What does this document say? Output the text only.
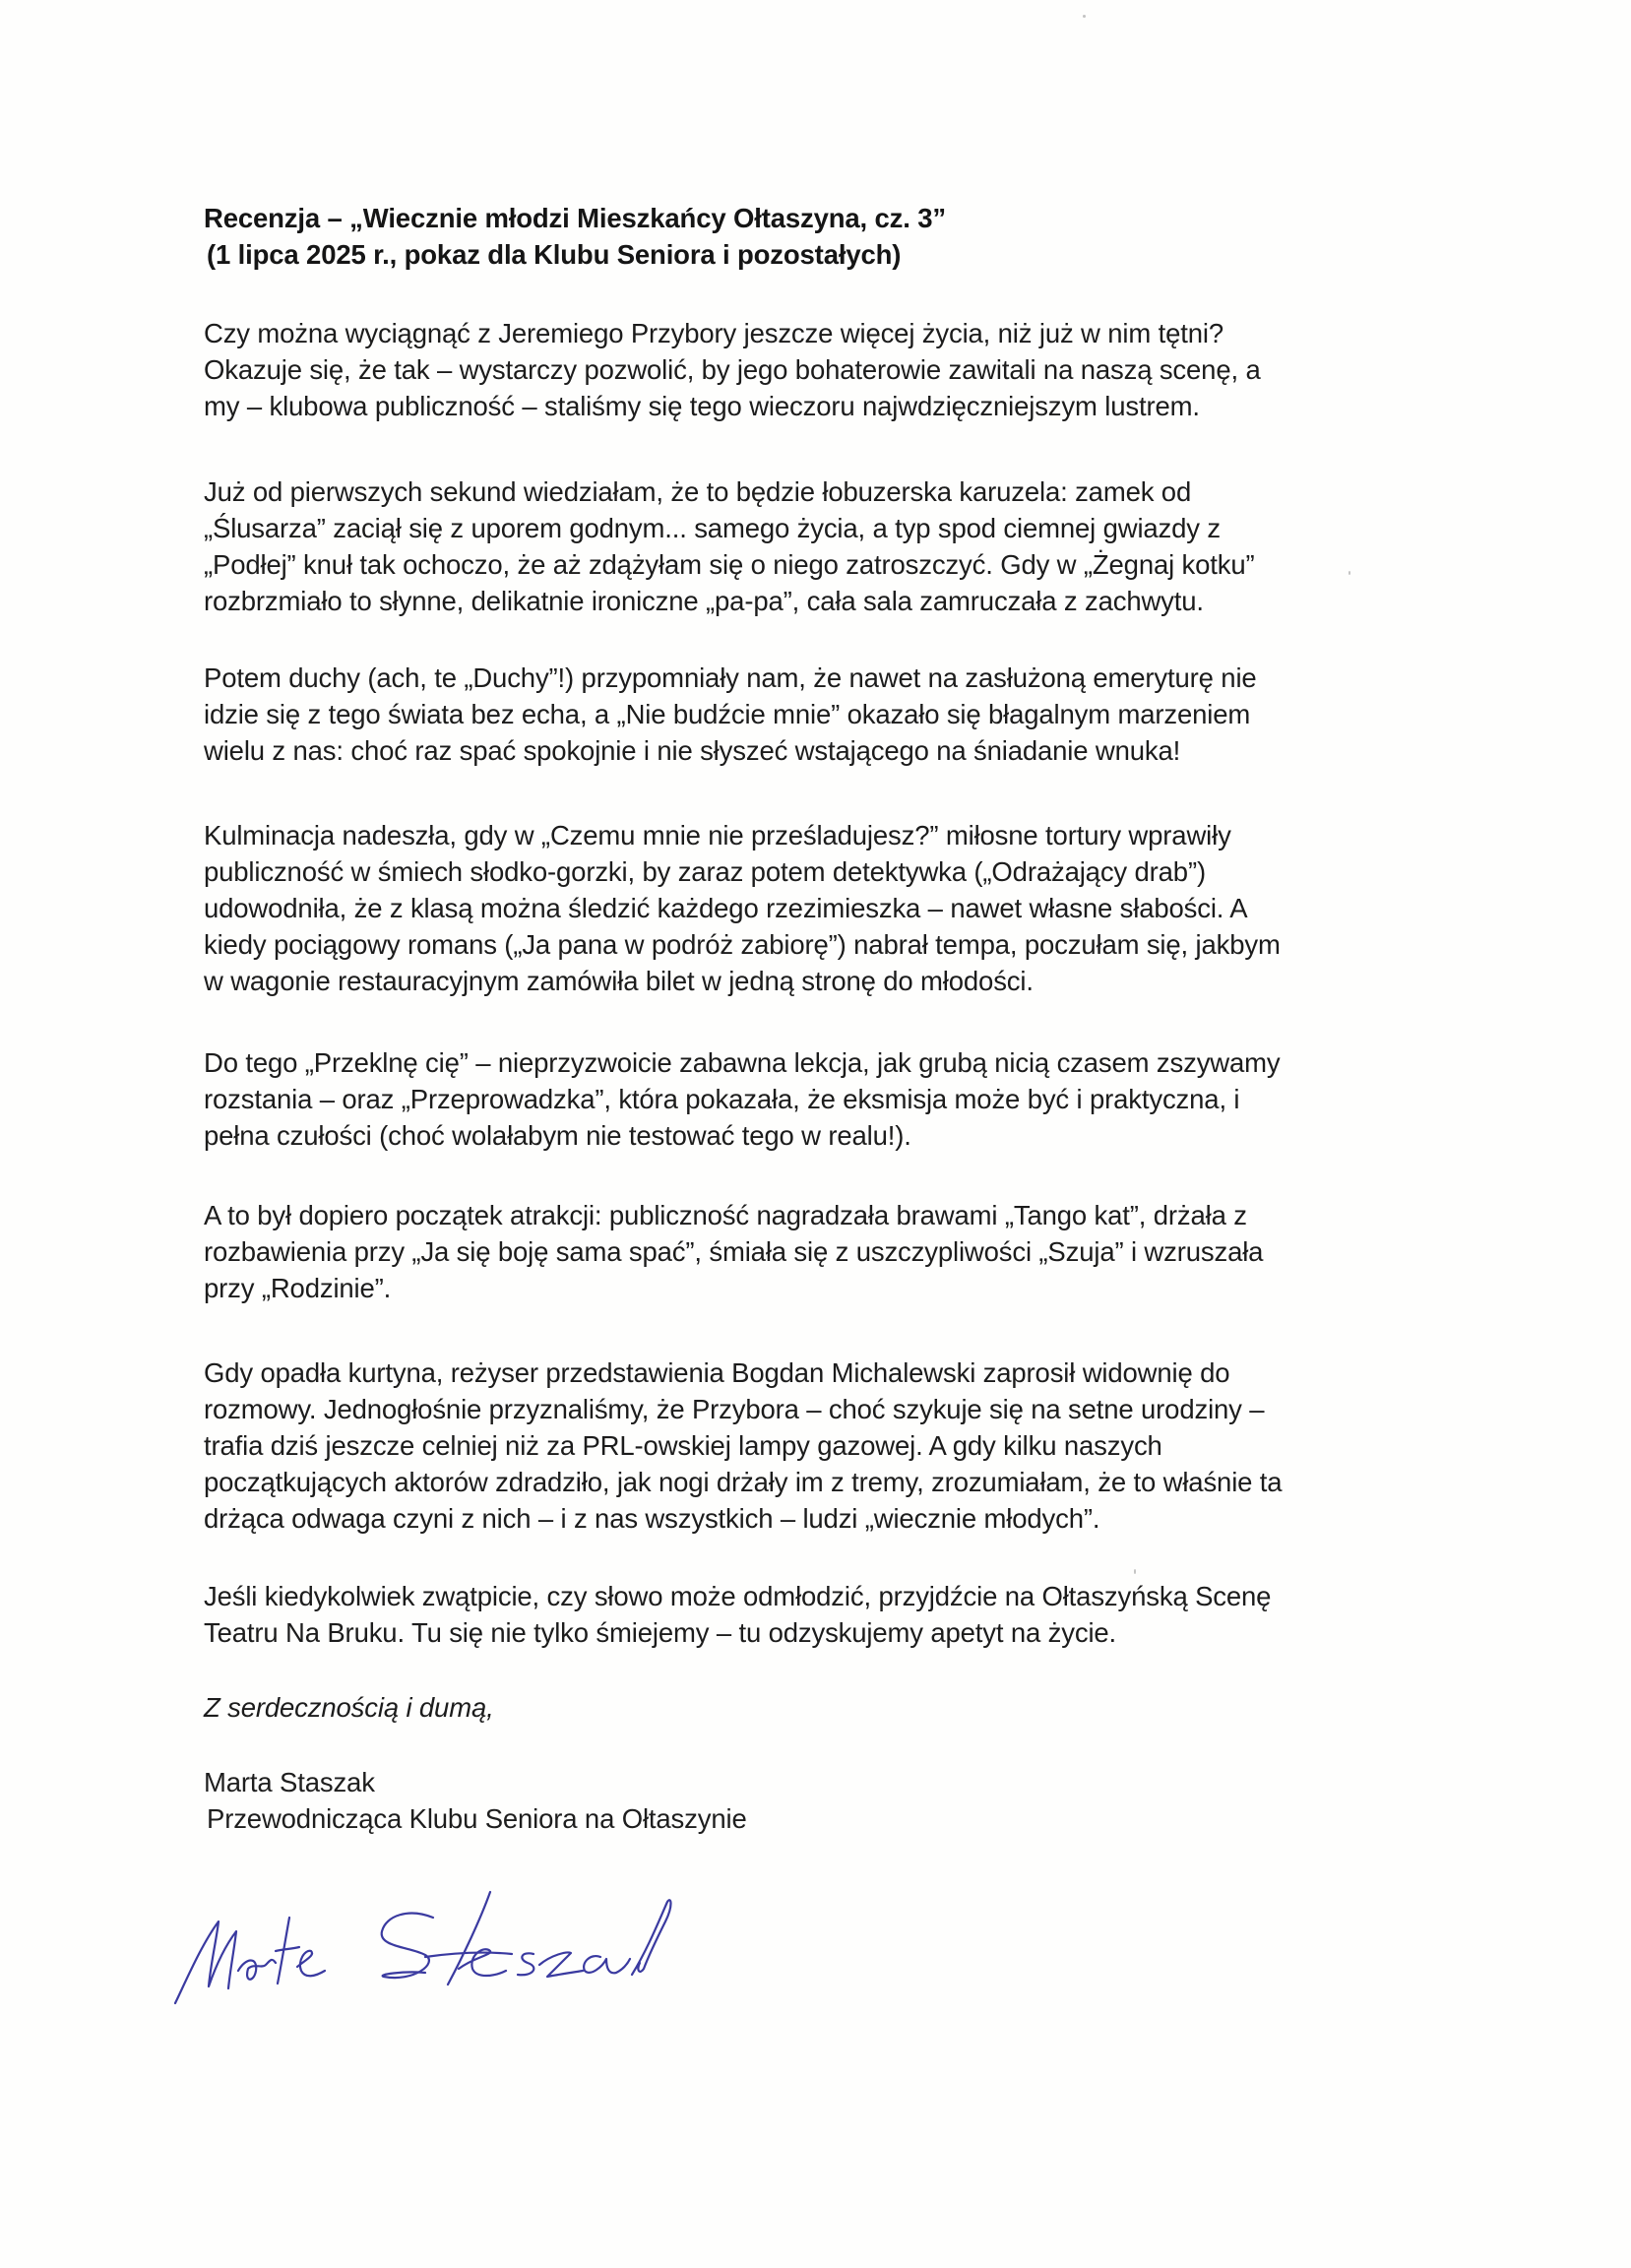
Recenzja – „Wiecznie młodzi Mieszkańcy Ołtaszyna, cz. 3”
(1 lipca 2025 r., pokaz dla Klubu Seniora i pozostałych)
Czy można wyciągnąć z Jeremiego Przybory jeszcze więcej życia, niż już w nim tętni?
Okazuje się, że tak – wystarczy pozwolić, by jego bohaterowie zawitali na naszą scenę, a
my – klubowa publiczność – staliśmy się tego wieczoru najwdzięczniejszym lustrem.
Już od pierwszych sekund wiedziałam, że to będzie łobuzerska karuzela: zamek od
„Ślusarza” zaciął się z uporem godnym... samego życia, a typ spod ciemnej gwiazdy z
„Podłej” knuł tak ochoczo, że aż zdążyłam się o niego zatroszczyć. Gdy w „Żegnaj kotku”
rozbrzmiało to słynne, delikatnie ironiczne „pa-pa”, cała sala zamruczała z zachwytu.
Potem duchy (ach, te „Duchy”!) przypomniały nam, że nawet na zasłużoną emeryturę nie
idzie się z tego świata bez echa, a „Nie budźcie mnie” okazało się błagalnym marzeniem
wielu z nas: choć raz spać spokojnie i nie słyszeć wstającego na śniadanie wnuka!
Kulminacja nadeszła, gdy w „Czemu mnie nie prześladujesz?” miłosne tortury wprawiły
publiczność w śmiech słodko-gorzki, by zaraz potem detektywka („Odrażający drab”)
udowodniła, że z klasą można śledzić każdego rzezimieszka – nawet własne słabości. A
kiedy pociągowy romans („Ja pana w podróż zabiorę”) nabrał tempa, poczułam się, jakbym
w wagonie restauracyjnym zamówiła bilet w jedną stronę do młodości.
Do tego „Przeklnę cię” – nieprzyzwoicie zabawna lekcja, jak grubą nicią czasem zszywamy
rozstania – oraz „Przeprowadzka”, która pokazała, że eksmisja może być i praktyczna, i
pełna czułości (choć wolałabym nie testować tego w realu!).
A to był dopiero początek atrakcji: publiczność nagradzała brawami „Tango kat”, drżała z
rozbawienia przy „Ja się boję sama spać”, śmiała się z uszczypliwości „Szuja” i wzruszała
przy „Rodzinie”.
Gdy opadła kurtyna, reżyser przedstawienia Bogdan Michalewski zaprosił widownię do
rozmowy. Jednogłośnie przyznaliśmy, że Przybora – choć szykuje się na setne urodziny –
trafia dziś jeszcze celniej niż za PRL-owskiej lampy gazowej. A gdy kilku naszych
początkujących aktorów zdradziło, jak nogi drżały im z tremy, zrozumiałam, że to właśnie ta
drżąca odwaga czyni z nich – i z nas wszystkich – ludzi „wiecznie młodych”.
Jeśli kiedykolwiek zwątpicie, czy słowo może odmłodzić, przyjdźcie na Ołtaszyńską Scenę
Teatru Na Bruku. Tu się nie tylko śmiejemy – tu odzyskujemy apetyt na życie.
Z serdecznością i dumą,
Marta Staszak
Przewodnicząca Klubu Seniora na Ołtaszynie
